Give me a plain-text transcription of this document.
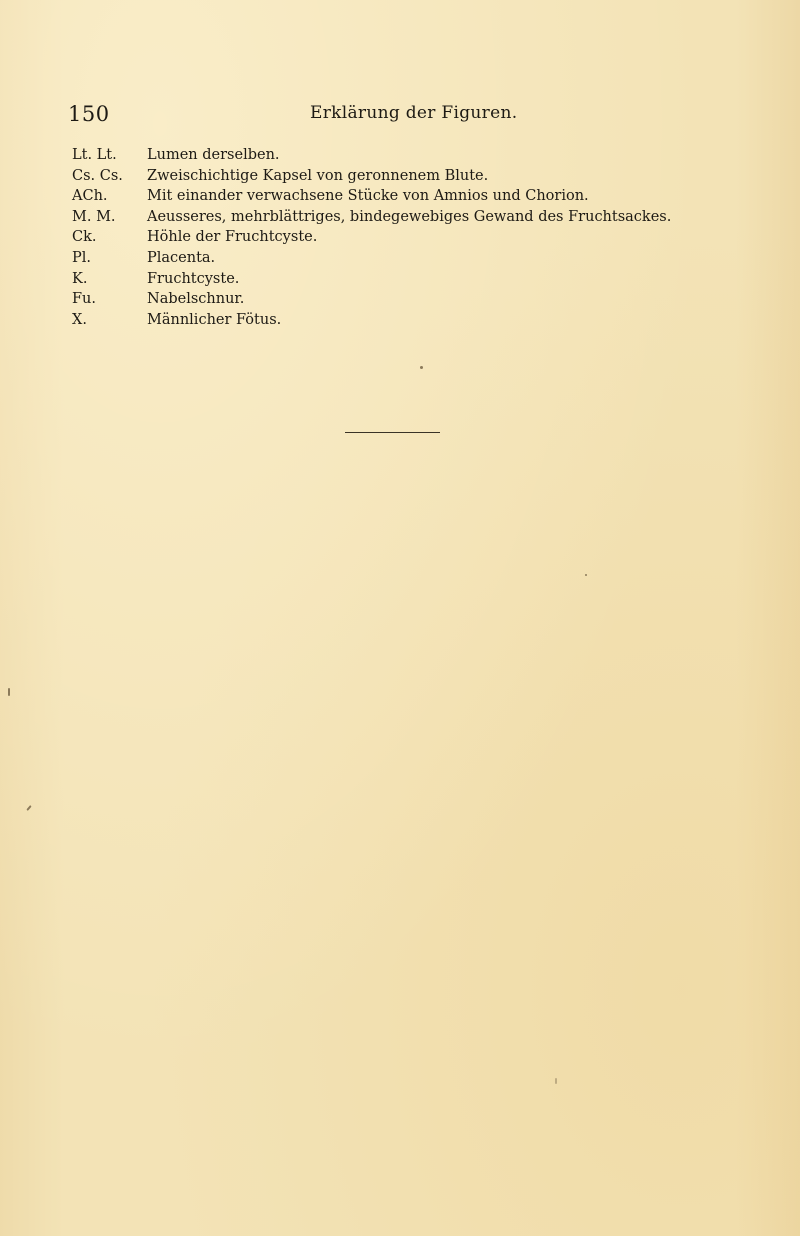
150	Erklärung der Figuren.
Lt. Lt.	Lumen derselben.
Cs. Cs.	Zweischichtige Kapsel von geronnenem Blute.
ACh.	Mit einander verwachsene Stücke von Amnios und Chorion.
M. M.	Aeusseres, mehrblättriges, bindegewebiges Gewand des Fruchtsackes.
Ck.	Höhle der Fruchtcyste.
Pl.	Placenta.
K.	Fruchtcyste.
Fu.	Nabelschnur.
X.	Männlicher Fötus.
